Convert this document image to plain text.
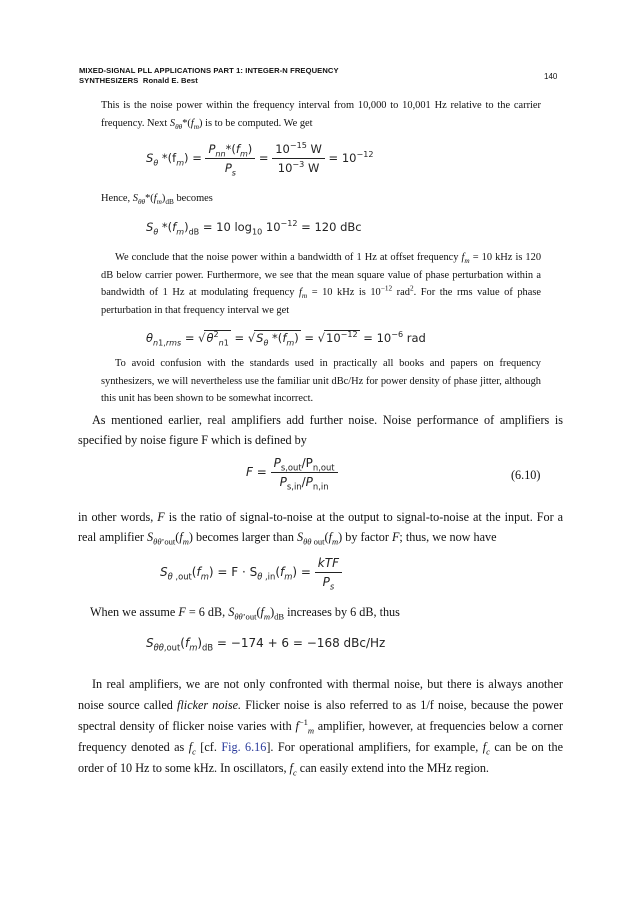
MIXED-SIGNAL PLL APPLICATIONS PART 1: INTEGER-N FREQUENCY
SYNTHESIZERS Ronald E. Best	140
This is the noise power within the frequency interval from 10,000 to 10,001 Hz relative to the carrier frequency. Next $S_{\theta\theta}*(f_m)$ is to be computed. We get
$S_\theta$ $*(f_m) = \frac{P_{nn}*(f_m)}{P_s} = \frac{10^{-15} W}{10^{-3} W} = 10^{-12}$
Hence, $S_{\theta\theta}*(f_m)_{dB}$ becomes
$S_\theta$ $*(f_m)_{dB} = 10$ $\log_{10} 10^{-12} = 120$ dBc
We conclude that the noise power within a bandwidth of 1 Hz at offset frequency $f_m = 10$ kHz is 120 dB below carrier power. Furthermore, we see that the mean square value of phase perturbation within a bandwidth of 1 Hz at modulating frequency $f_m = 10$ kHz is $10^{-12}$ rad$^2$. For the rms value of phase perturbation in that frequency interval we get
$\theta_{n1,rms} = √\theta^2_{n1} = √S_\theta$ $*(f_m) = √10^{-12} = 10^{-6}$ rad
To avoid confusion with the standards used in practically all books and papers on frequency synthesizers, we will nevertheless use the familiar unit dBc/Hz for power density of phase jitter, although this unit has been shown to be somewhat incorrect.
As mentioned earlier, real amplifiers add further noise. Noise performance of amplifiers is specified by noise figure F which is defined by
$F = \frac{P_{s,out}/P_{n,out}}{P_{s,in}/P_{n,in}}$	(6.10)
in other words, F is the ratio of signal-to-noise at the output to signal-to-noise at the input. For a real amplifier $S_{\theta\theta’out}(f_m)$ becomes larger than $S_{\theta\theta out}(f_m)$ by factor F; thus, we now have
$S_{\theta ,out}(f_m) = F \cdot S_{\theta ,in}(f_m) = \frac{\text{kTF}}{P_s}$
When we assume F = 6 dB, $S_{\theta\theta’out}(f_m)_{dB}$ increases by 6 dB, thus
$S_{\theta\theta,out}(f_m)_{dB} = -174 + 6 = -168$ dBc/Hz
In real amplifiers, we are not only confronted with thermal noise, but there is always another noise source called flicker noise. Flicker noise is also referred to as 1/f noise, because the power spectral density of flicker noise varies with $f^{-1}_m$ amplifier, however, at frequencies below a corner frequency denoted as $f_c$ [cf. Fig. 6.16]. For operational amplifiers, for example, $f_c$ can be on the order of 10 Hz to some kHz. In oscillators, $f_c$ can easily extend into the MHz region.
